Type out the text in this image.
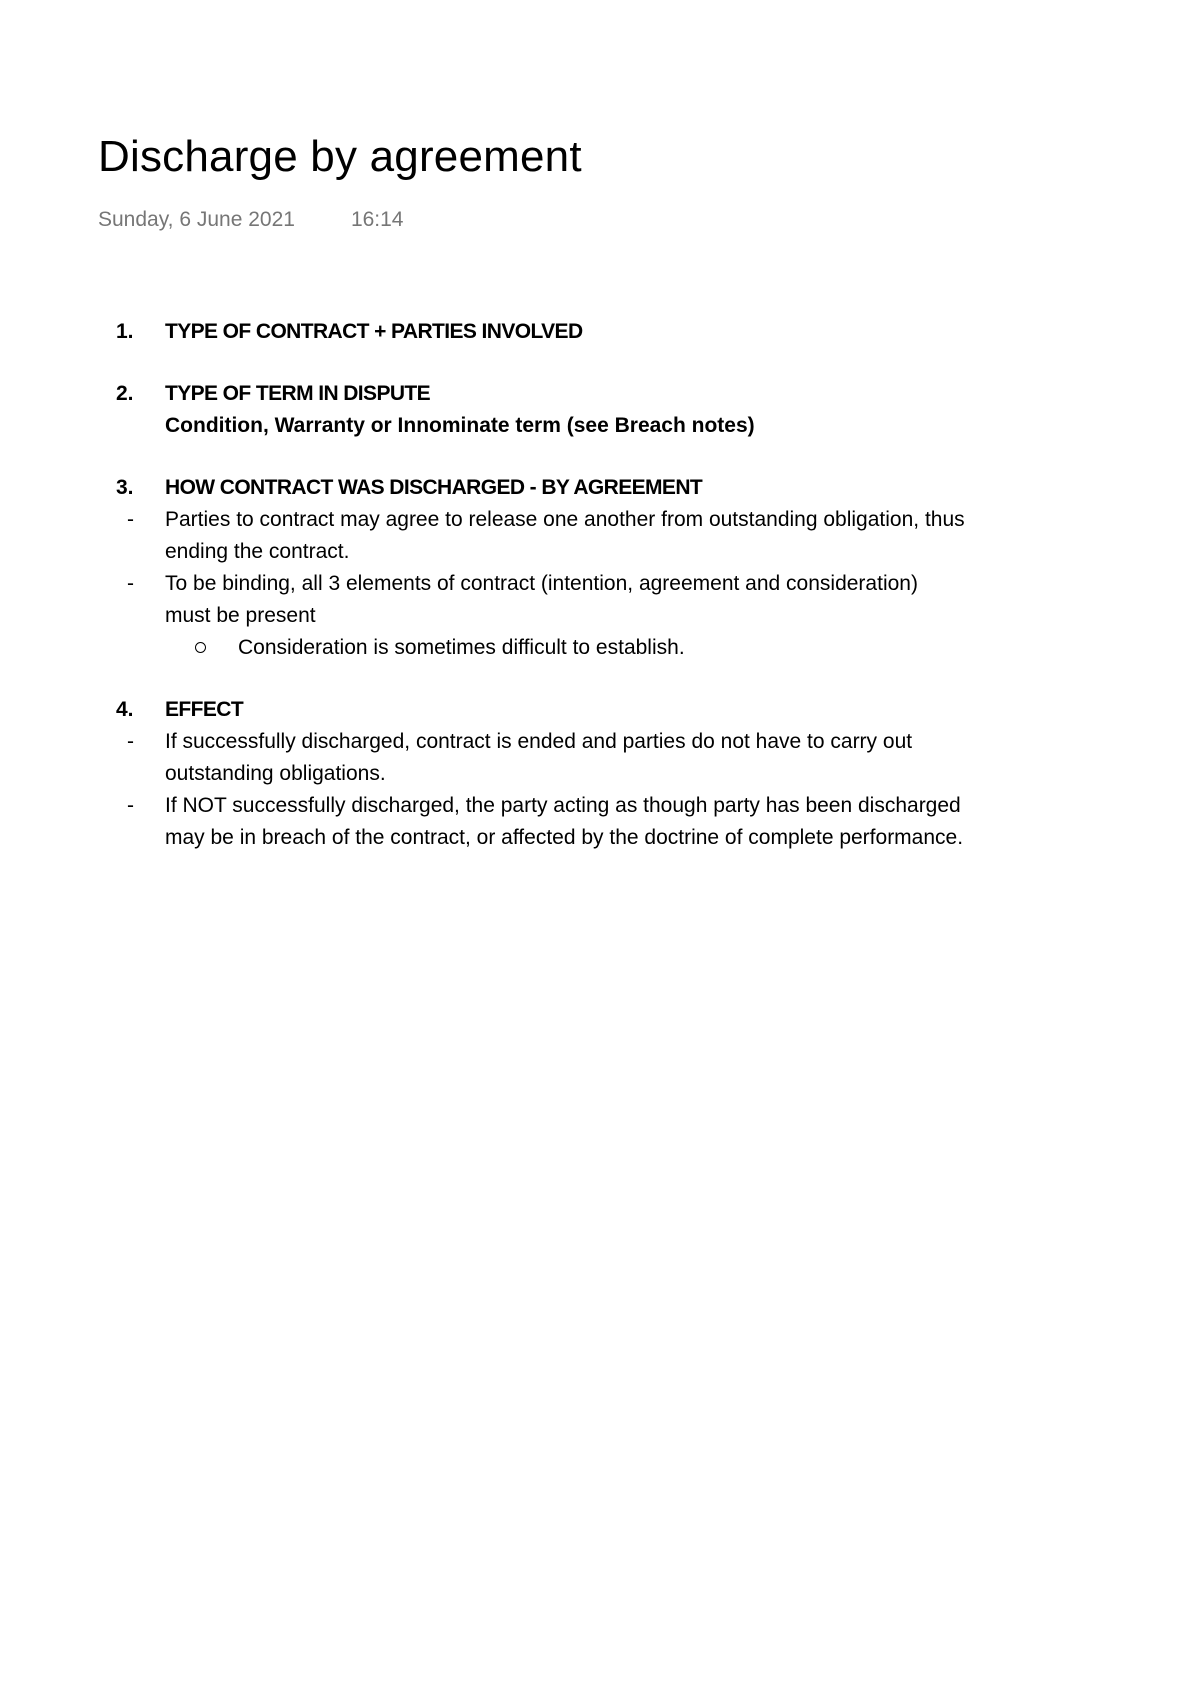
Discharge by agreement
Sunday, 6 June 2021	16:14
1.	TYPE OF CONTRACT + PARTIES INVOLVED
2.	TYPE OF TERM IN DISPUTE
Condition, Warranty or Innominate term (see Breach notes)
3.	HOW CONTRACT WAS DISCHARGED - BY AGREEMENT
- Parties to contract may agree to release one another from outstanding obligation, thus ending the contract.
- To be binding, all 3 elements of contract (intention, agreement and consideration) must be present
Consideration is sometimes difficult to establish.
4.	EFFECT
- If successfully discharged, contract is ended and parties do not have to carry out outstanding obligations.
- If NOT successfully discharged, the party acting as though party has been discharged may be in breach of the contract, or affected by the doctrine of complete performance.
